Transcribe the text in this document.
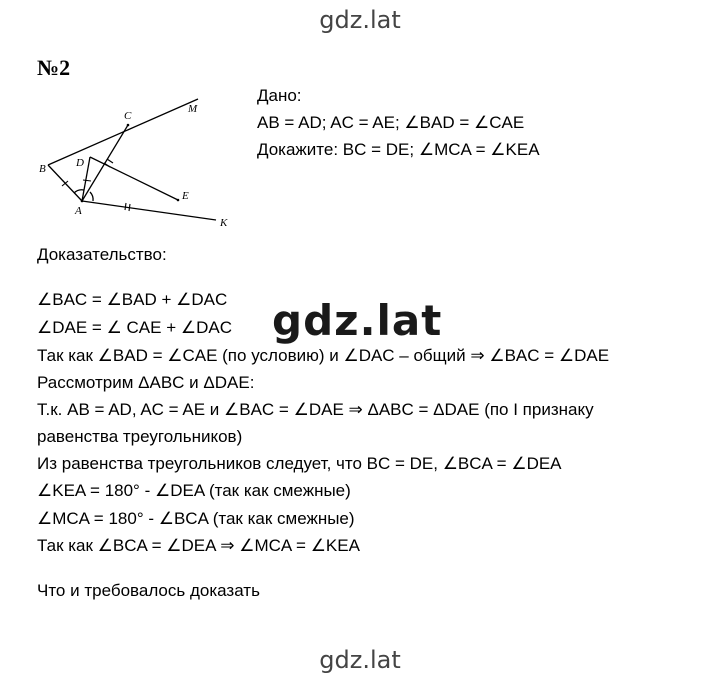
gdz.lat
№2
B
C
D
A
E
M
K
Дано:
AB = AD; AC = AE; ∠BAD = ∠CAE
Докажите: BC = DE; ∠MCA = ∠KEA
Доказательство:
∠BAC = ∠BAD + ∠DAC
∠DAE = ∠ CAE + ∠DAC
Так как ∠BAD = ∠CAE (по условию) и ∠DAC – общий ⇒ ∠BAC = ∠DAE
Рассмотрим ΔABC и ΔDAE:
Т.к. AB = AD, AC = AE и ∠BAC = ∠DAE ⇒ ΔABC = ΔDAE (по I признаку
равенства треугольников)
Из равенства треугольников следует, что BC = DE, ∠BCA = ∠DEA
∠KEA = 180° - ∠DEA (так как смежные)
∠MCA = 180° - ∠BCA (так как смежные)
Так как ∠BCA = ∠DEA ⇒ ∠MCA = ∠KEA
Что и требовалось доказать
gdz.lat
gdz.lat
